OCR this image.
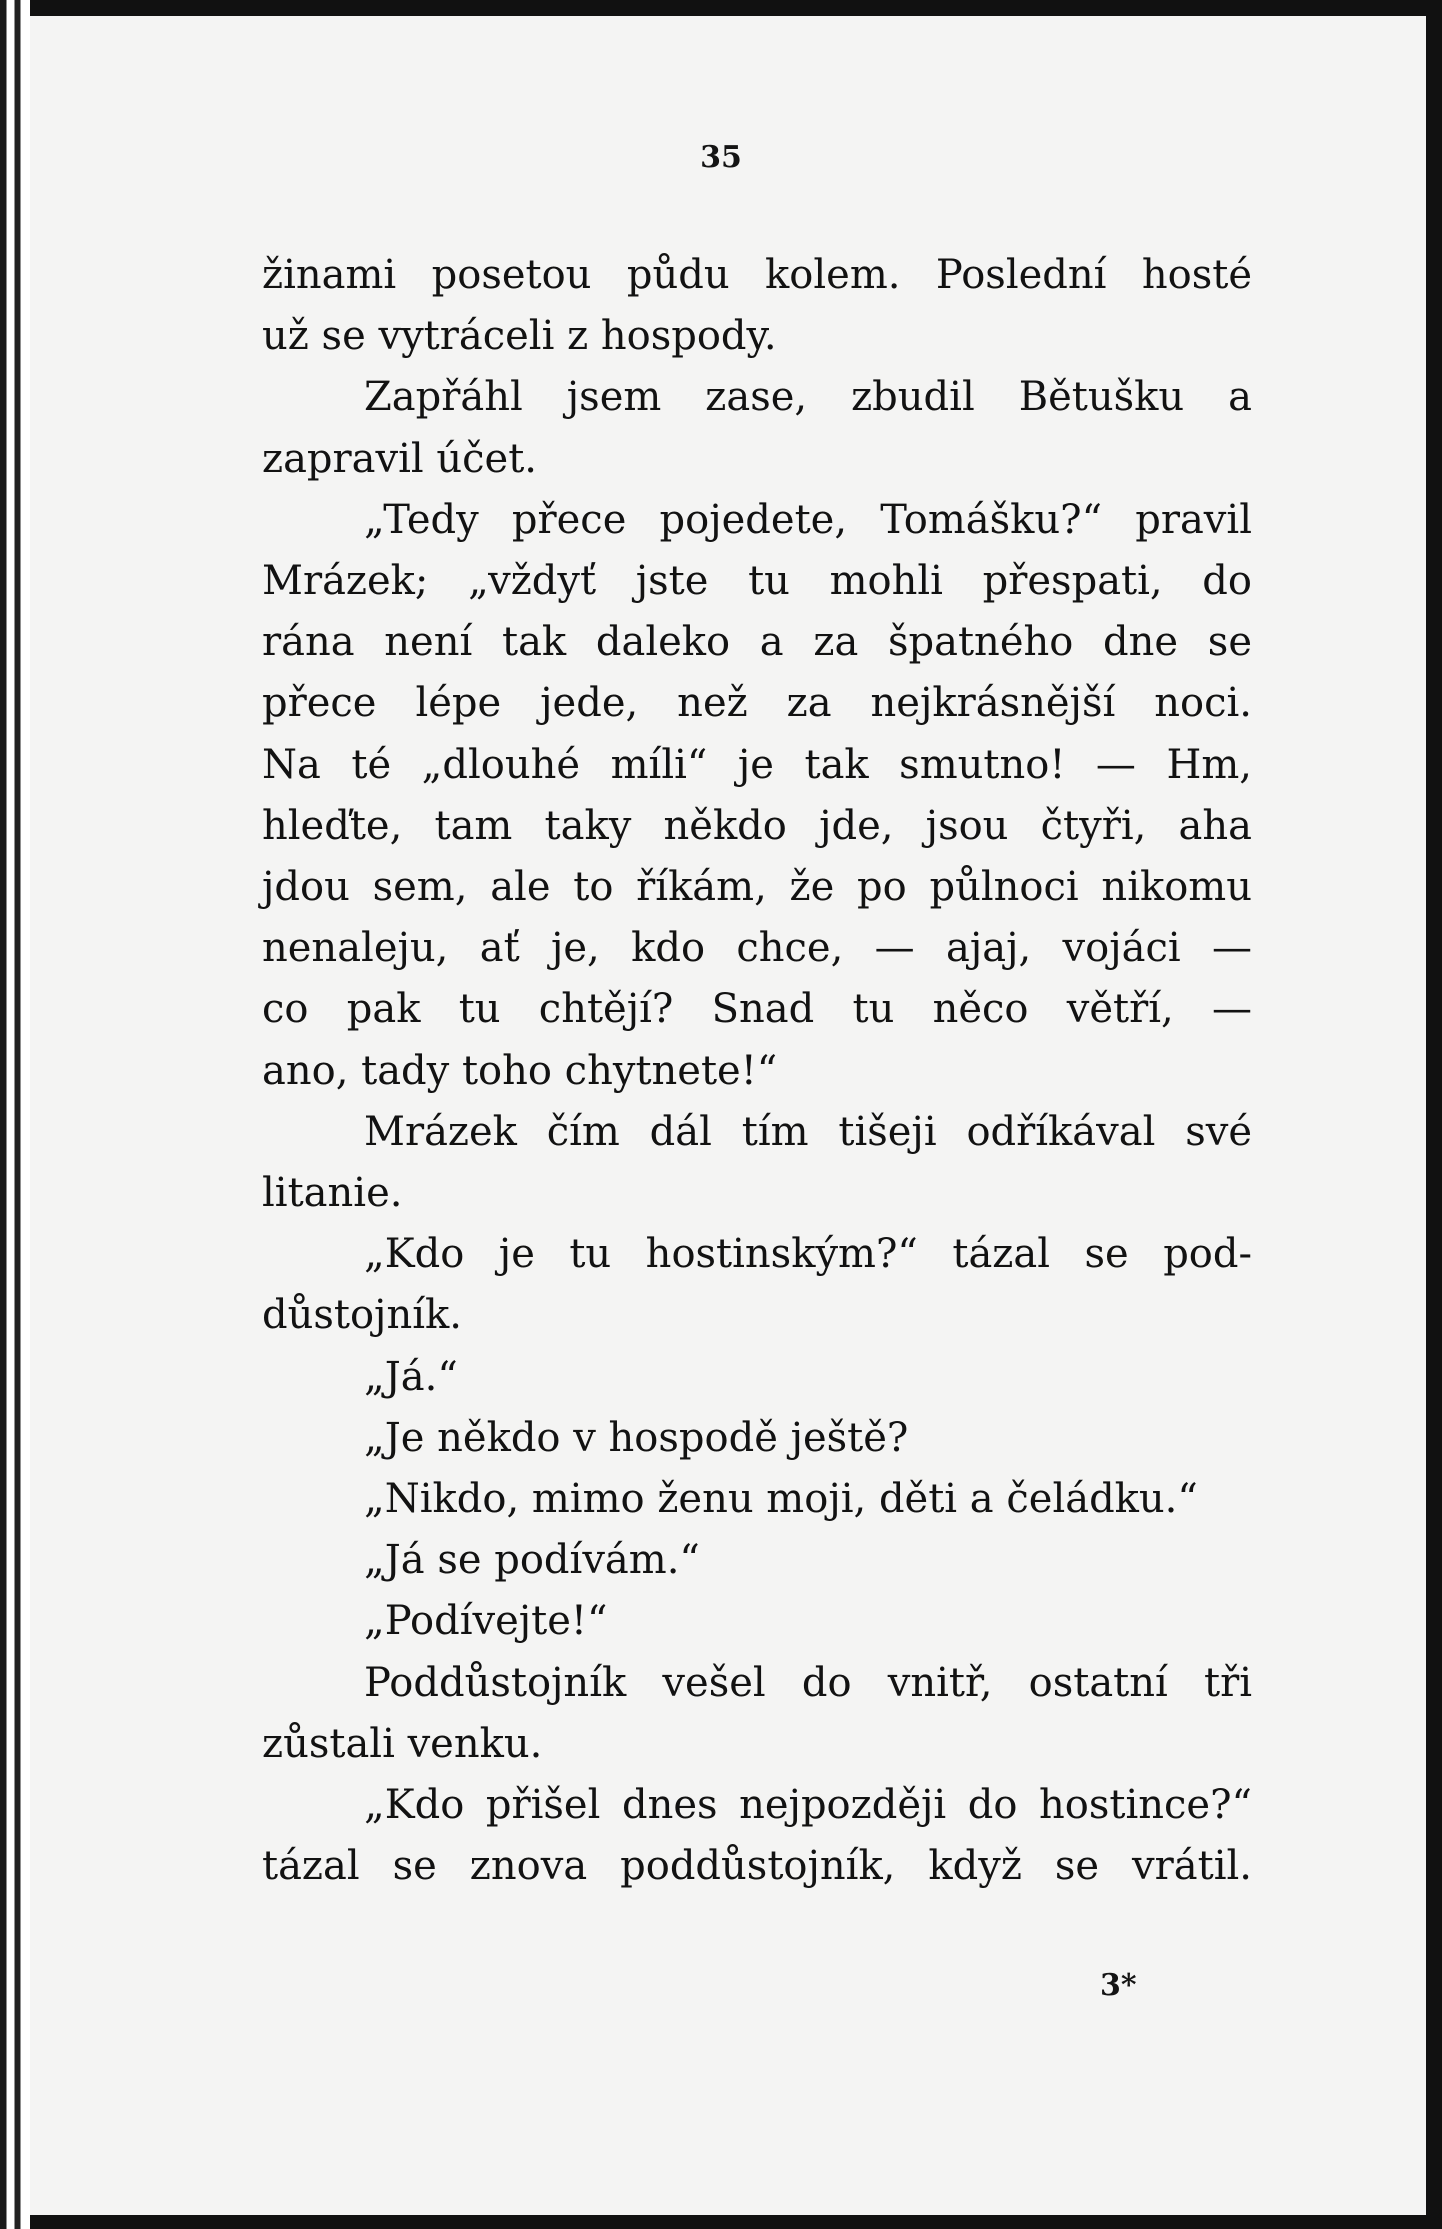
35
žinami posetou půdu kolem. Poslední hosté
už se vytráceli z hospody.
Zapřáhl jsem zase, zbudil Bětušku a
zapravil účet.
„Tedy přece pojedete, Tomášku?“ pravil
Mrázek; „vždyť jste tu mohli přespati, do
rána není tak daleko a za špatného dne se
přece lépe jede, než za nejkrásnější noci.
Na té „dlouhé míli“ je tak smutno! — Hm,
hleďte, tam taky někdo jde, jsou čtyři, aha
jdou sem, ale to říkám, že po půlnoci nikomu
nenaleju, ať je, kdo chce, — ajaj, vojáci —
co pak tu chtějí? Snad tu něco větří, —
ano, tady toho chytnete!“
Mrázek čím dál tím tišeji odříkával své
litanie.
„Kdo je tu hostinským?“ tázal se pod-
důstojník.
„Já.“
„Je někdo v hospodě ještě?
„Nikdo, mimo ženu moji, děti a čeládku.“
„Já se podívám.“
„Podívejte!“
Poddůstojník vešel do vnitř, ostatní tři
zůstali venku.
„Kdo přišel dnes nejpozději do hostince?“
tázal se znova poddůstojník, když se vrátil.
3*
